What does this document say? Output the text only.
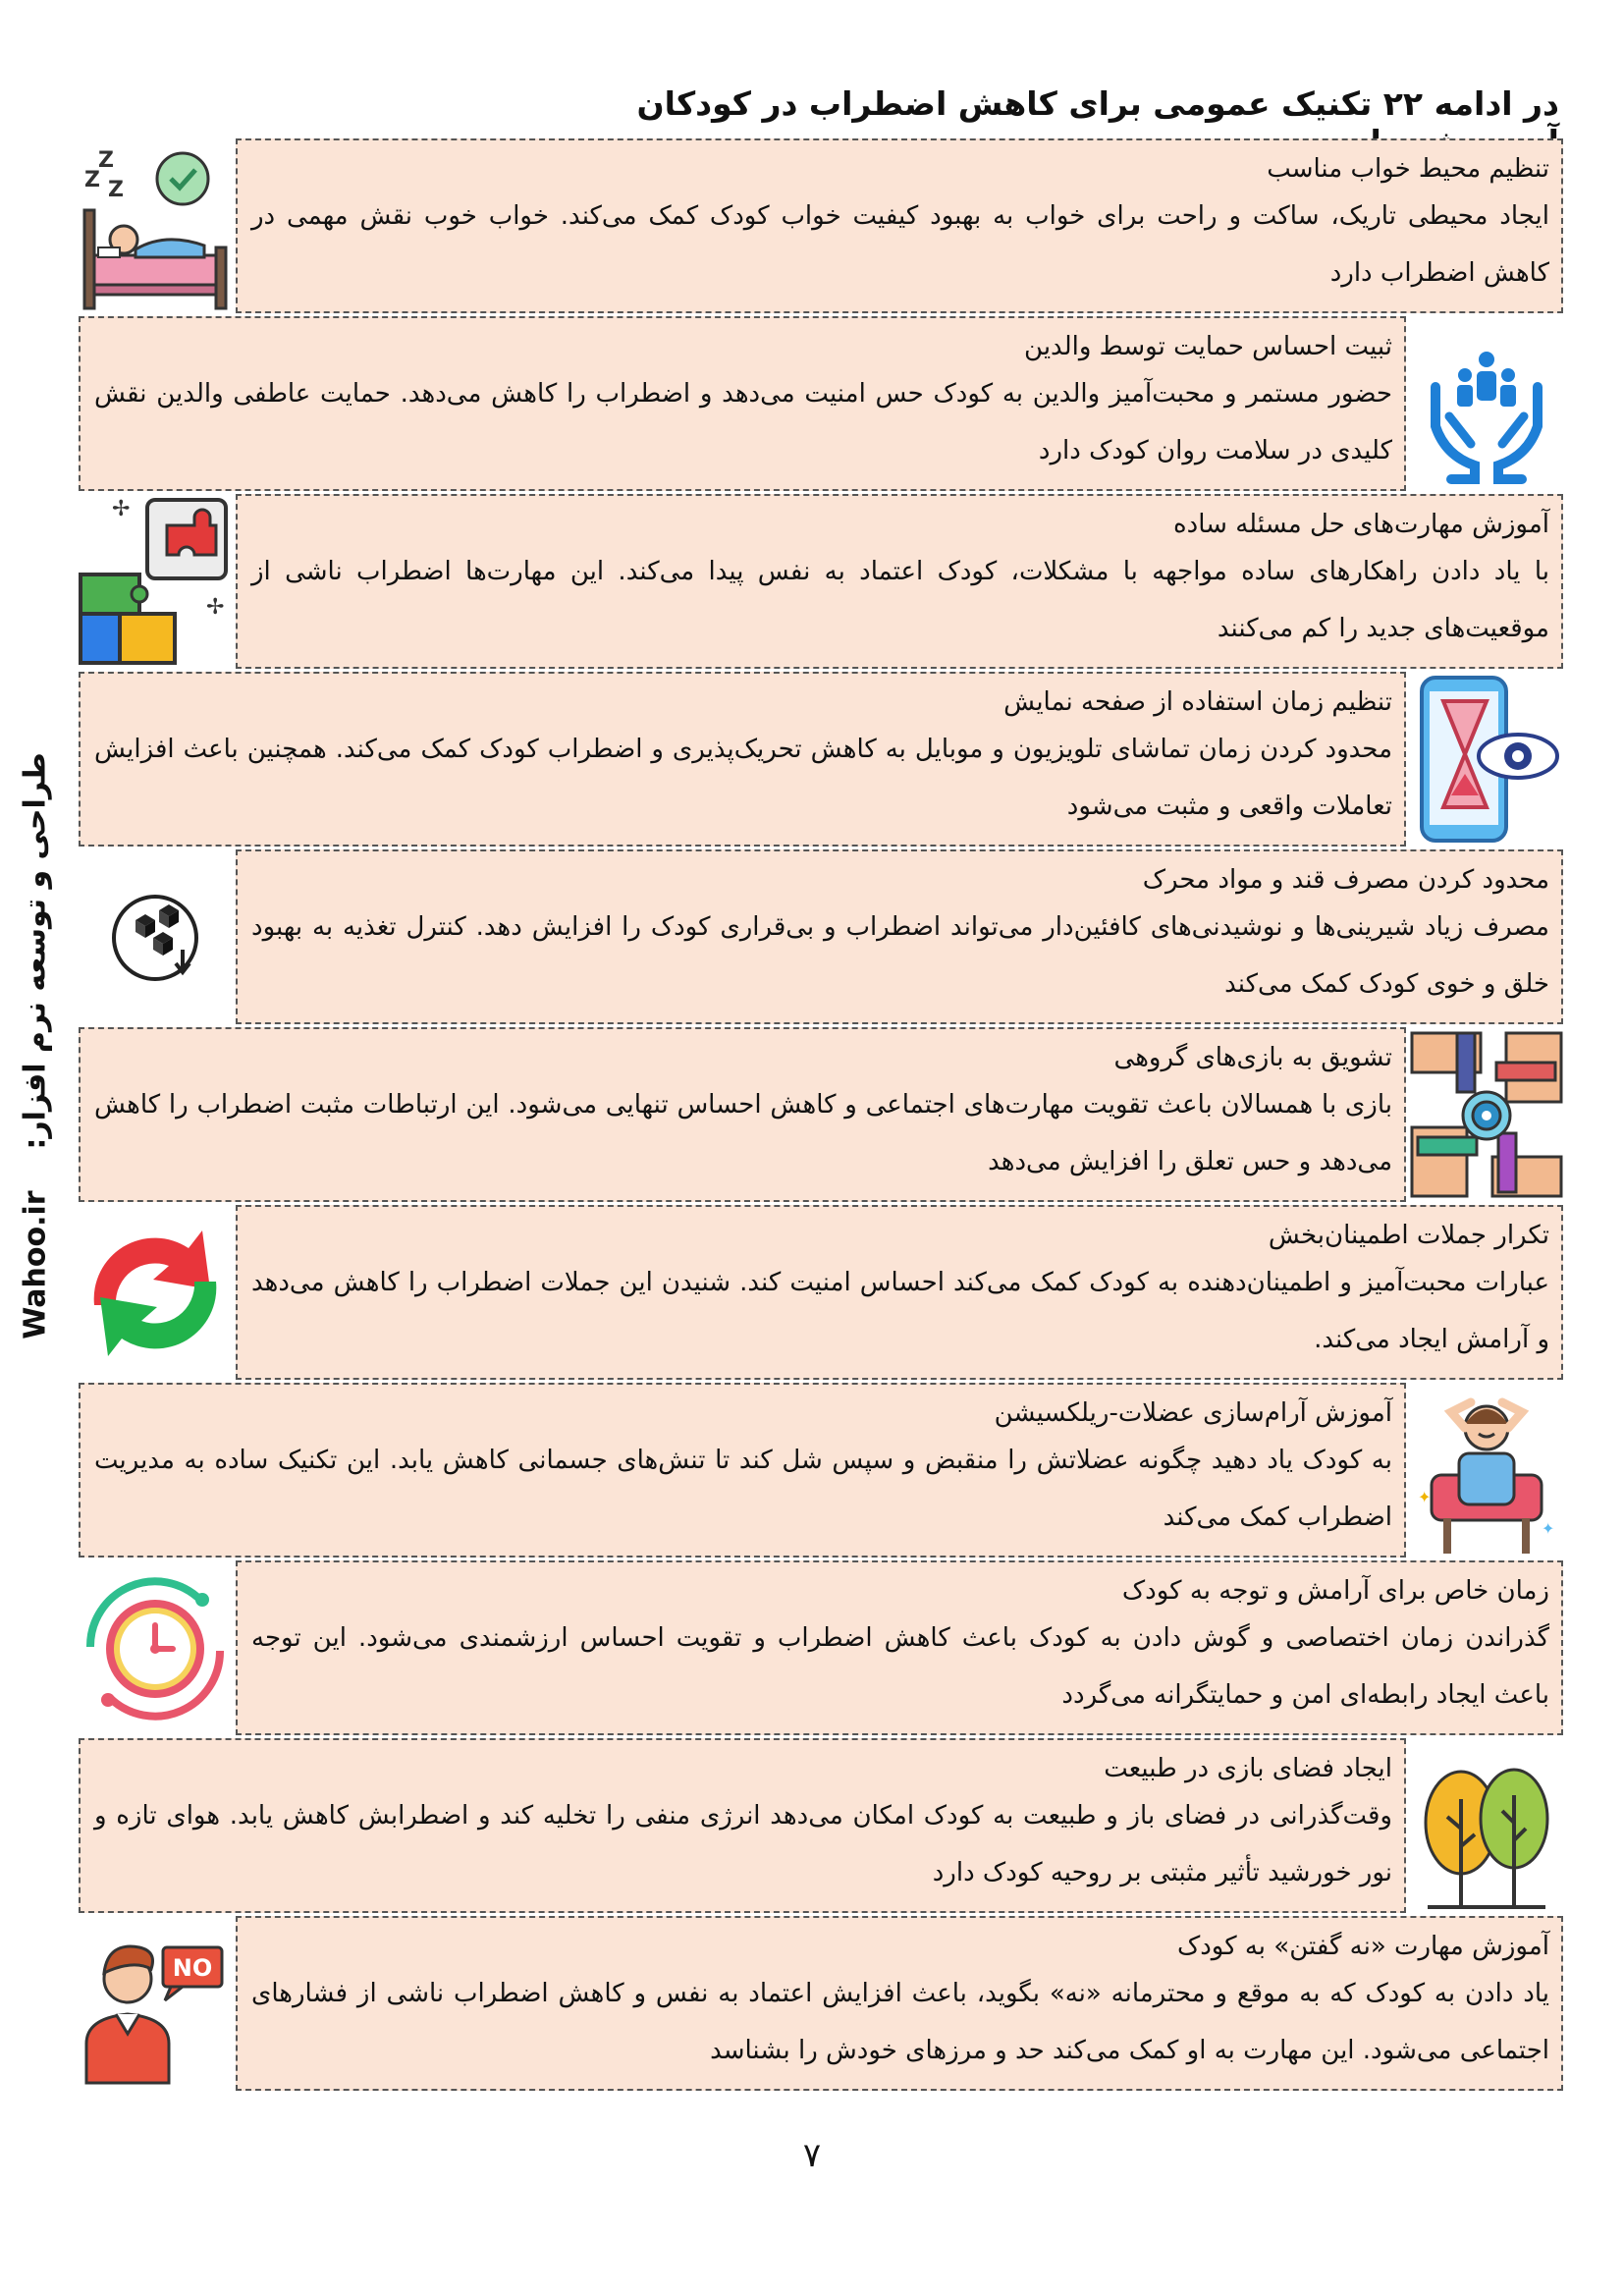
در ادامه ۲۲ تکنیک عمومی برای کاهش اضطراب در کودکان
طراحی و توسعه نرم افزار:    Wahoo.ir
تنظیم محیط خواب مناسب
ایجاد محیطی تاریک، ساکت و راحت برای خواب به بهبود کیفیت خواب کودک کمک می‌کند. خواب خوب نقش مهمی در کاهش اضطراب دارد
Z
Z Z
ثبیت احساس حمایت توسط والدین
حضور مستمر و محبت‌آمیز والدین به کودک حس امنیت می‌دهد و اضطراب را کاهش می‌دهد. حمایت عاطفی والدین نقش کلیدی در سلامت روان کودک دارد
آموزش مهارت‌های حل مسئله ساده
با یاد دادن راهکارهای ساده مواجهه با مشکلات، کودک اعتماد به نفس پیدا می‌کند. این مهارت‌ها اضطراب ناشی از موقعیت‌های جدید را کم می‌کنند
✢
✢
تنظیم زمان استفاده از صفحه نمایش
محدود کردن زمان تماشای تلویزیون و موبایل به کاهش تحریک‌پذیری و اضطراب کودک کمک می‌کند. همچنین باعث افزایش تعاملات واقعی و مثبت می‌شود
محدود کردن مصرف قند و مواد محرک
مصرف زیاد شیرینی‌ها و نوشیدنی‌های کافئین‌دار می‌تواند اضطراب و بی‌قراری کودک را افزایش دهد. کنترل تغذیه به بهبود خلق و خوی کودک کمک می‌کند
تشویق به بازی‌های گروهی
بازی با همسالان باعث تقویت مهارت‌های اجتماعی و کاهش احساس تنهایی می‌شود. این ارتباطات مثبت اضطراب را کاهش می‌دهد و حس تعلق را افزایش می‌دهد
تکرار جملات اطمینان‌بخش
عبارات محبت‌آمیز و اطمینان‌دهنده به کودک کمک می‌کند احساس امنیت کند. شنیدن این جملات اضطراب را کاهش می‌دهد و آرامش ایجاد می‌کند.
آموزش آرام‌سازی عضلات-ریلکسیشن
به کودک یاد دهید چگونه عضلاتش را منقبض و سپس شل کند تا تنش‌های جسمانی کاهش یابد. این تکنیک ساده به مدیریت اضطراب کمک می‌کند
✦
✦
زمان خاص برای آرامش و توجه به کودک
گذراندن زمان اختصاصی و گوش دادن به کودک باعث کاهش اضطراب و تقویت احساس ارزشمندی می‌شود. این توجه باعث ایجاد رابطه‌ای امن و حمایتگرانه می‌گردد
ایجاد فضای بازی در طبیعت
وقت‌گذرانی در فضای باز و طبیعت به کودک امکان می‌دهد انرژی منفی را تخلیه کند و اضطرابش کاهش یابد. هوای تازه و نور خورشید تأثیر مثبتی بر روحیه کودک دارد
آموزش مهارت «نه گفتن» به کودک
یاد دادن به کودک که به موقع و محترمانه «نه» بگوید، باعث افزایش اعتماد به نفس و کاهش اضطراب ناشی از فشارهای اجتماعی می‌شود. این مهارت به او کمک می‌کند حد و مرزهای خودش را بشناسد
NO
۷
